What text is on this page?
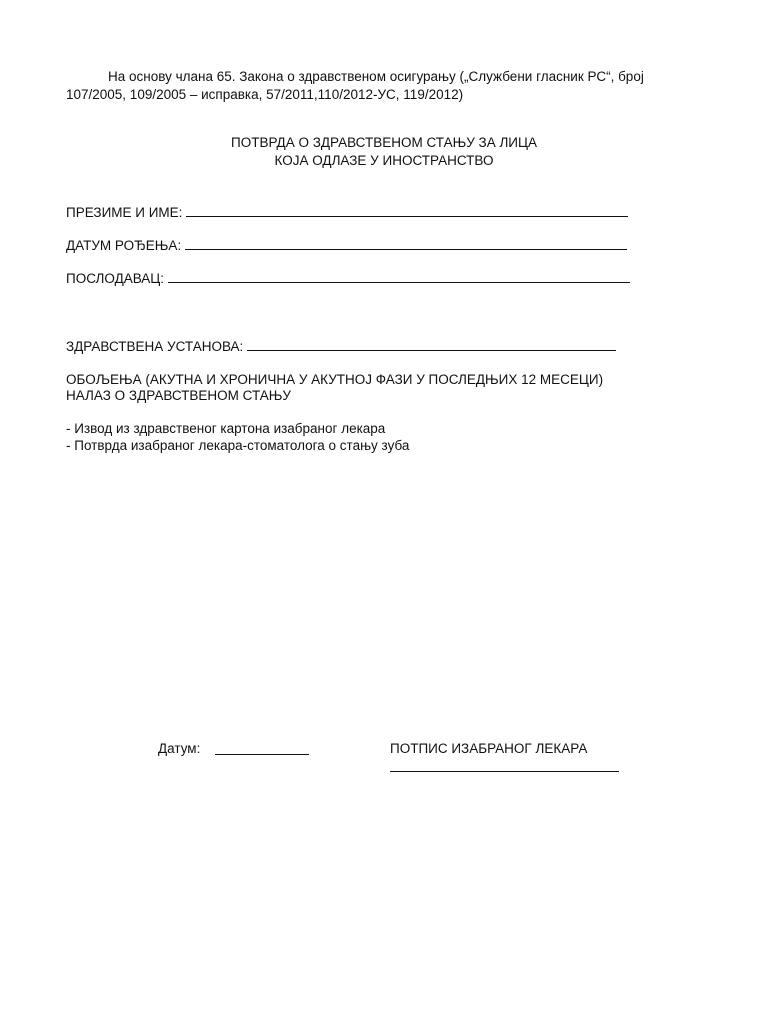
На основу члана 65. Закона о здравственом осигурању („Службени гласник РС“, број
107/2005, 109/2005 – исправка, 57/2011,110/2012-УС, 119/2012)
ПОТВРДА О ЗДРАВСТВЕНОМ СТАЊУ ЗА ЛИЦА
КОЈА ОДЛАЗЕ У ИНОСТРАНСТВО
ПРЕЗИМЕ И ИМЕ:
ДАТУМ РОЂЕЊА:
ПОСЛОДАВАЦ:
ЗДРАВСТВЕНА УСТАНОВА:
ОБОЉЕЊА (АКУТНА И ХРОНИЧНА У АКУТНОЈ ФАЗИ У ПОСЛЕДЊИХ 12 МЕСЕЦИ)
НАЛАЗ О ЗДРАВСТВЕНОМ СТАЊУ
- Извод из здравственог картона изабраног лекара
- Потврда изабраног лекара-стоматолога о стању зуба
Датум:	ПОТПИС ИЗАБРАНОГ ЛЕКАРА
